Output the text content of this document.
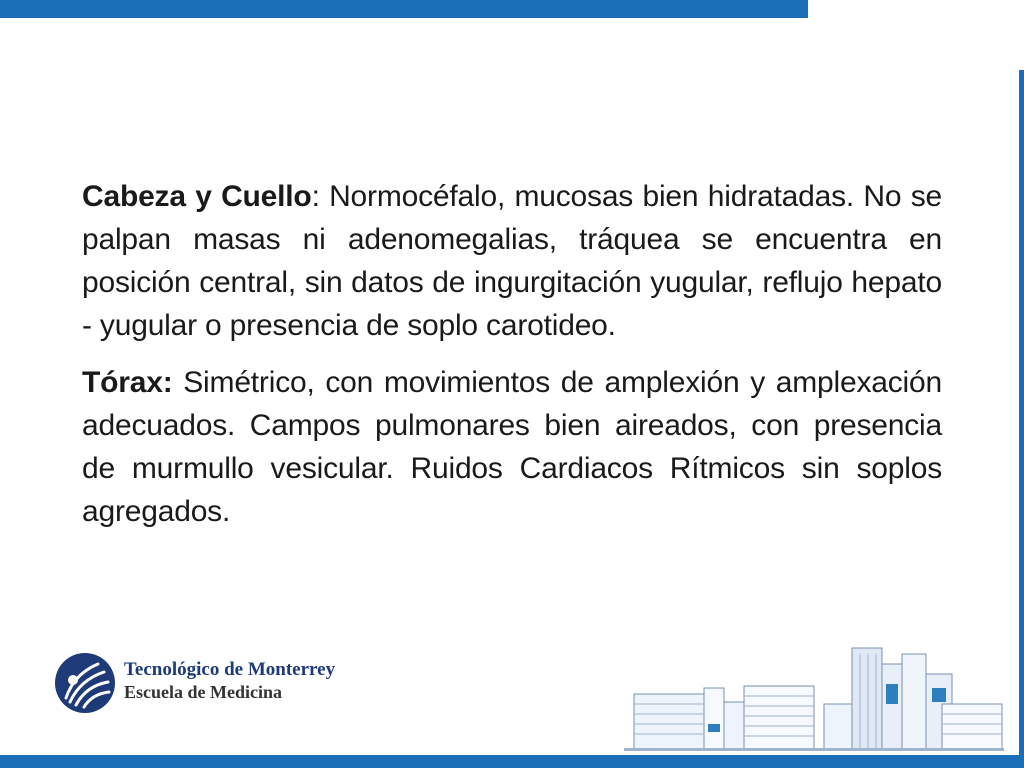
Cabeza y Cuello: Normocéfalo, mucosas bien hidratadas. No se palpan masas ni adenomegalias, tráquea se encuentra en posición central, sin datos de ingurgitación yugular, reflujo hepato - yugular o presencia de soplo carotideo.

Tórax: Simétrico, con movimientos de amplexión y amplexación adecuados. Campos pulmonares bien aireados, con presencia de murmullo vesicular. Ruidos Cardiacos Rítmicos sin soplos agregados.

Tecnológico de Monterrey
Escuela de Medicina
